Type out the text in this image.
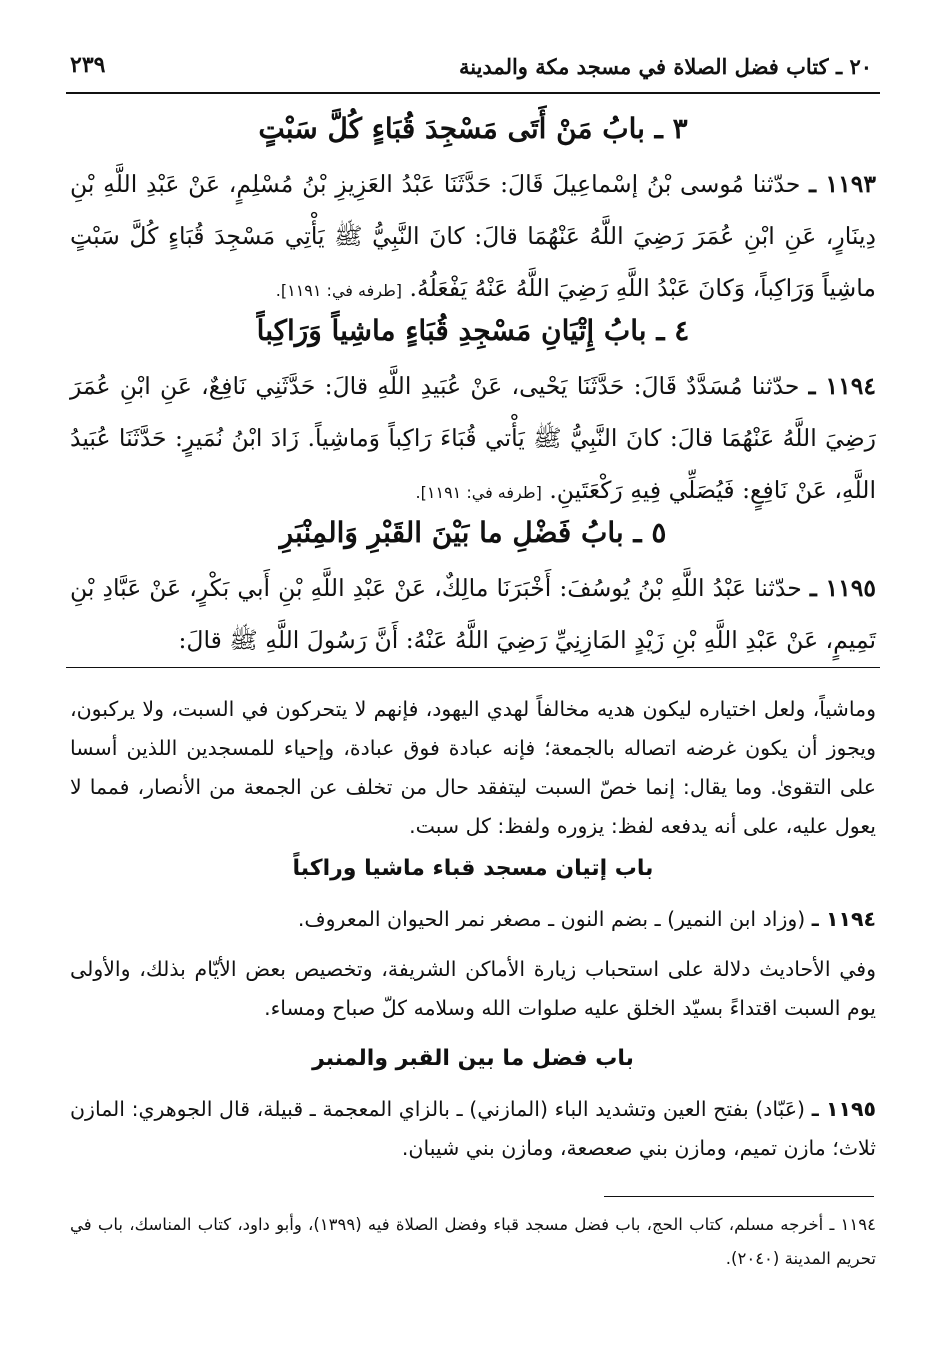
٢٣٩	٢٠ ـ كتاب فضل الصلاة في مسجد مكة والمدينة
٣ ـ بابُ مَنْ أَتَى مَسْجِدَ قُبَاءٍ كُلَّ سَبْتٍ
١١٩٣ ـ حدّثنا مُوسى بْنُ إسْماعِيلَ قَالَ: حَدَّثَنَا عَبْدُ العَزِيزِ بْنُ مُسْلِمٍ، عَنْ عَبْدِ اللَّهِ بْنِ دِينَارٍ، عَنِ ابْنِ عُمَرَ رَضِيَ اللَّهُ عَنْهُمَا قالَ: كانَ النَّبِيُّ ﷺ يَأْتِي مَسْجِدَ قُبَاءٍ كُلَّ سَبْتٍ ماشِياً وَرَاكِباً، وَكانَ عَبْدُ اللَّهِ رَضِيَ اللَّهُ عَنْهُ يَفْعَلُهُ. [طرفه في: ١١٩١].
٤ ـ بابُ إِتْيَانِ مَسْجِدِ قُبَاءٍ ماشِياً وَرَاكِباً
١١٩٤ ـ حدّثنا مُسَدَّدٌ قَالَ: حَدَّثَنَا يَحْيى، عَنْ عُبَيدِ اللَّهِ قالَ: حَدَّثَنِي نَافِعٌ، عَنِ ابْنِ عُمَرَ رَضِيَ اللَّهُ عَنْهُمَا قالَ: كانَ النَّبِيُّ ﷺ يَأْتي قُبَاءَ رَاكِباً وَماشِياً. زَادَ ابْنُ نُمَيرٍ: حَدَّثَنَا عُبَيدُ اللَّهِ، عَنْ نَافِعٍ: فَيُصَلِّي فِيهِ رَكْعَتَينِ. [طرفه في: ١١٩١].
٥ ـ بابُ فَضْلِ ما بَيْنَ القَبْرِ وَالمِنْبَرِ
١١٩٥ ـ حدّثنا عَبْدُ اللَّهِ بْنُ يُوسُفَ: أَخْبَرَنَا مالِكٌ، عَنْ عَبْدِ اللَّهِ بْنِ أَبي بَكْرٍ، عَنْ عَبَّادِ بْنِ تَمِيمٍ، عَنْ عَبْدِ اللَّهِ بْنِ زَيْدٍ المَازِنِيِّ رَضِيَ اللَّهُ عَنْهُ: أَنَّ رَسُولَ اللَّهِ ﷺ قالَ:
وماشياً، ولعل اختياره ليكون هديه مخالفاً لهدي اليهود، فإنهم لا يتحركون في السبت، ولا يركبون، ويجوز أن يكون غرضه اتصاله بالجمعة؛ فإنه عبادة فوق عبادة، وإحياء للمسجدين اللذين أسسا على التقوىٰ. وما يقال: إنما خصّ السبت ليتفقد حال من تخلف عن الجمعة من الأنصار، فمما لا يعول عليه، على أنه يدفعه لفظ: يزوره ولفظ: كل سبت.
باب إتيان مسجد قباء ماشيا وراكباً
١١٩٤ ـ (وزاد ابن النمير) ـ بضم النون ـ مصغر نمر الحيوان المعروف.
وفي الأحاديث دلالة على استحباب زيارة الأماكن الشريفة، وتخصيص بعض الأيّام بذلك، والأولى يوم السبت اقتداءً بسيّد الخلق عليه صلوات الله وسلامه كلّ صباح ومساء.
باب فضل ما بين القبر والمنبر
١١٩٥ ـ (عَبّاد) بفتح العين وتشديد الباء (المازني) ـ بالزاي المعجمة ـ قبيلة، قال الجوهري: المازن ثلاث؛ مازن تميم، ومازن بني صعصعة، ومازن بني شيبان.
١١٩٤ ـ أخرجه مسلم، كتاب الحج، باب فضل مسجد قباء وفضل الصلاة فيه (١٣٩٩)، وأبو داود، كتاب المناسك، باب في تحريم المدينة (٢٠٤٠).
